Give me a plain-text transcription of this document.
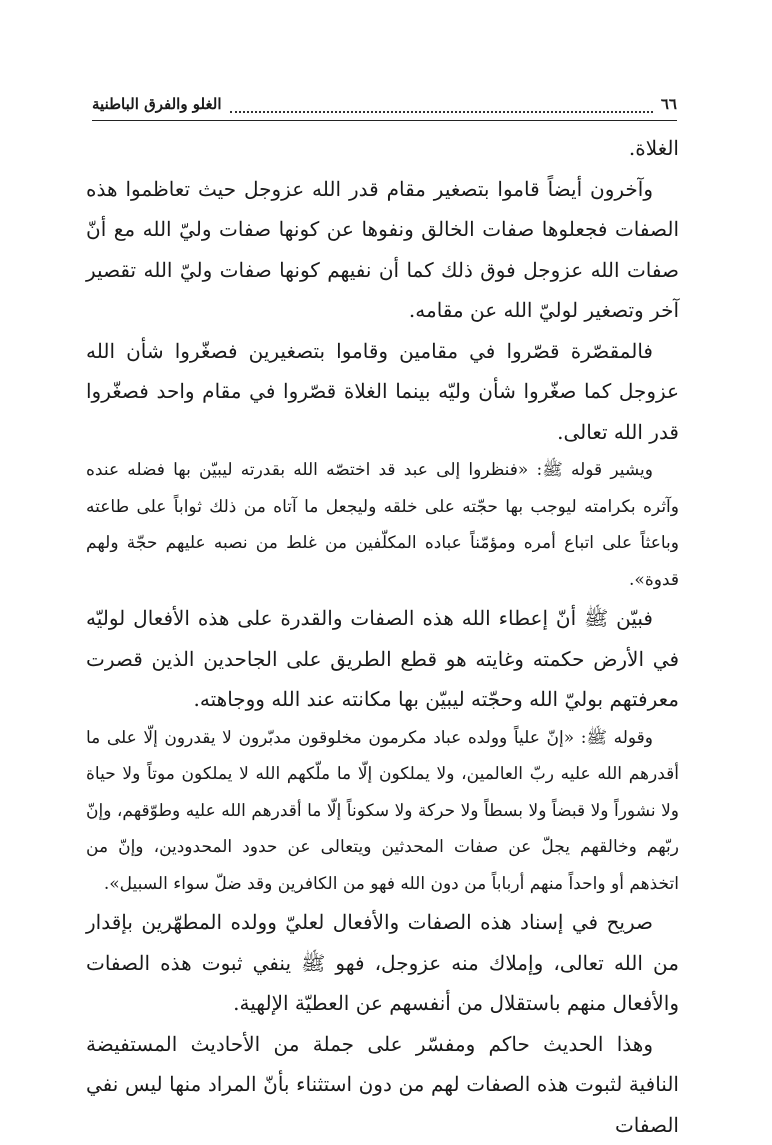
٦٦
الغلو والفرق الباطنية

الغلاة.

وآخرون أيضاً قاموا بتصغير مقام قدر الله عزوجل حيث تعاظموا هذه الصفات فجعلوها صفات الخالق ونفوها عن كونها صفات وليّ الله مع أنّ صفات الله عزوجل فوق ذلك كما أن نفيهم كونها صفات وليّ الله تقصير آخر وتصغير لوليّ الله عن مقامه.

فالمقصّرة قصّروا في مقامين وقاموا بتصغيرين فصغّروا شأن الله عزوجل كما صغّروا شأن وليّه بينما الغلاة قصّروا في مقام واحد فصغّروا قدر الله تعالى.

ويشير قوله ﷺ: «فنظروا إلى عبد قد اختصّه الله بقدرته ليبيّن بها فضله عنده وآثره بكرامته ليوجب بها حجّته على خلقه وليجعل ما آتاه من ذلك ثواباً على طاعته وباعثاً على اتباع أمره ومؤمّناً عباده المكلّفين من غلط من نصبه عليهم حجّة ولهم قدوة».

فبيّن ﷺ أنّ إعطاء الله هذه الصفات والقدرة على هذه الأفعال لوليّه في الأرض حكمته وغايته هو قطع الطريق على الجاحدين الذين قصرت معرفتهم بوليّ الله وحجّته ليبيّن بها مكانته عند الله ووجاهته.

وقوله ﷺ: «إنّ علياً وولده عباد مكرمون مخلوقون مدبّرون لا يقدرون إلّا على ما أقدرهم الله عليه ربّ العالمين، ولا يملكون إلّا ما ملّكهم الله لا يملكون موتاً ولا حياة ولا نشوراً ولا قبضاً ولا بسطاً ولا حركة ولا سكوناً إلّا ما أقدرهم الله عليه وطوّقهم، وإنّ ربّهم وخالقهم يجلّ عن صفات المحدثين ويتعالى عن حدود المحدودين، وإنّ من اتخذهم أو واحداً منهم أرباباً من دون الله فهو من الكافرين وقد ضلّ سواء السبيل».

صريح في إسناد هذه الصفات والأفعال لعليّ وولده المطهّرين بإقدار من الله تعالى، وإملاك منه عزوجل، فهو ﷺ ينفي ثبوت هذه الصفات والأفعال منهم باستقلال من أنفسهم عن العطيّة الإلهية.

وهذا الحديث حاكم ومفسّر على جملة من الأحاديث المستفيضة النافية لثبوت هذه الصفات لهم من دون استثناء بأنّ المراد منها ليس نفي الصفات
